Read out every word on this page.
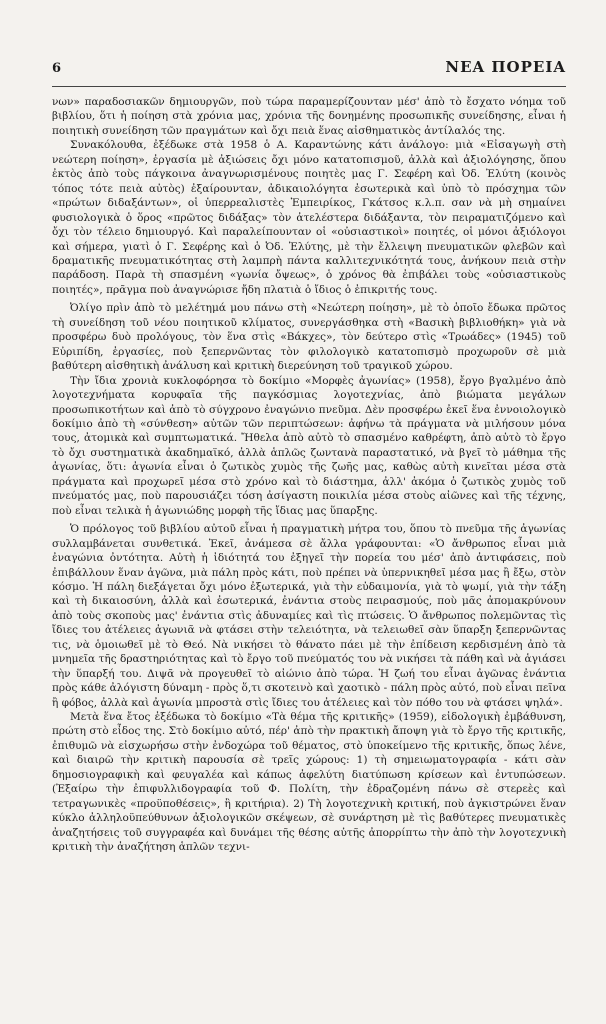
6	ΝΕΑ ΠΟΡΕΙΑ

νων» παραδοσιακῶν δημιουργῶν, ποὺ τώρα παραμερίζουνταν μέσ' ἀπὸ τὸ ἔσχατο νόημα τοῦ βιβλίου, ὅτι ἡ ποίηση στὰ χρόνια μας, χρόνια τῆς δονημένης προσωπικῆς συνείδησης, εἶναι ἡ ποιητικὴ συνείδηση τῶν πραγμάτων καὶ ὄχι πειὰ ἕνας αἰσθηματικὸς ἀντίλαλός της.

Συνακόλουθα, ἐξέδωκε στὰ 1958 ὁ Α. Καραντώνης κάτι ἀνάλογο: μιὰ «Εἰσαγωγὴ στὴ νεώτερη ποίηση», ἐργασία μὲ ἀξιώσεις ὄχι μόνο κατατοπισμοῦ, ἀλλὰ καὶ ἀξιολόγησης, ὅπου ἐκτὸς ἀπὸ τοὺς πάγκοινα ἀναγνωρισμένους ποιητὲς μας Γ. Σεφέρη καὶ Ὀδ. Ἐλύτη (κοινὸς τόπος τότε πειὰ αὐτὸς) ἐξαίρουνταν, ἀδικαιολόγητα ἐσωτερικὰ καὶ ὑπὸ τὸ πρόσχημα τῶν «πρώτων διδαξάντων», οἱ ὑπερρεαλιστὲς Ἐμπειρίκος, Γκάτσος κ.λ.π. σαν νὰ μὴ σημαίνει φυσιολογικὰ ὁ ὅρος «πρῶτος διδάξας» τὸν ἀτελέστερα διδάξαντα, τὸν πειραματιζόμενο καὶ ὄχι τὸν τέλειο δημιουργό. Καὶ παραλείπουνταν οἱ «οὐσιαστικοὶ» ποιητές, οἱ μόνοι ἀξιόλογοι καὶ σήμερα, γιατὶ ὁ Γ. Σεφέρης καὶ ὁ Ὀδ. Ἐλύτης, μὲ τὴν ἔλλειψη πνευματικῶν φλεβῶν καὶ δραματικῆς πνευματικότητας στὴ λαμπρὴ πάντα καλλιτεχνικότητά τους, ἀνήκουν πειὰ στὴν παράδοση. Παρὰ τὴ σπασμένη «γωνία ὄψεως», ὁ χρόνος θὰ ἐπιβάλει τοὺς «οὐσιαστικοὺς ποιητές», πρᾶγμα ποὺ ἀναγνώρισε ἤδη πλατιὰ ὁ ἴδιος ὁ ἐπικριτής τους.

Ὀλίγο πρὶν ἀπὸ τὸ μελέτημά μου πάνω στὴ «Νεώτερη ποίηση», μὲ τὸ ὁποῖο ἔδωκα πρῶτος τὴ συνείδηση τοῦ νέου ποιητικοῦ κλίματος, συνεργάσθηκα στὴ «Βασικὴ βιβλιοθήκη» γιὰ νὰ προσφέρω δυὸ προλόγους, τὸν ἕνα στὶς «Βάκχες», τὸν δεύτερο στὶς «Τρωάδες» (1945) τοῦ Εὐριπίδη, ἐργασίες, ποὺ ξεπερνῶντας τὸν φιλολογικὸ κατατοπισμὸ προχωροῦν σὲ μιὰ βαθύτερη αἰσθητικὴ ἀνάλυση καὶ κριτικὴ διερεύνηση τοῦ τραγικοῦ χώρου.

Τὴν ἴδια χρονιὰ κυκλοφόρησα τὸ δοκίμιο «Μορφὲς ἀγωνίας» (1958), ἔργο βγαλμένο ἀπὸ λογοτεχνήματα κορυφαῖα τῆς παγκόσμιας λογοτεχνίας, ἀπὸ βιώματα μεγάλων προσωπικοτήτων καὶ ἀπὸ τὸ σύγχρονο ἐναγώνιο πνεῦμα. Δὲν προσφέρω ἐκεῖ ἕνα ἐννοιολογικὸ δοκίμιο ἀπὸ τὴ «σύνθεση» αὐτῶν τῶν περιπτώσεων: ἀφήνω τὰ πράγματα νὰ μιλήσουν μόνα τους, ἀτομικὰ καὶ συμπτωματικά. Ἤθελα ἀπὸ αὐτὸ τὸ σπασμένο καθρέφτη, ἀπὸ αὐτὸ τὸ ἔργο τὸ ὄχι συστηματικὰ ἀκαδημαϊκό, ἀλλὰ ἁπλῶς ζωντανὰ παραστατικό, νὰ βγεῖ τὸ μάθημα τῆς ἀγωνίας, ὅτι: ἀγωνία εἶναι ὁ ζωτικὸς χυμὸς τῆς ζωῆς μας, καθὼς αὐτὴ κινεῖται μέσα στὰ πράγματα καὶ προχωρεῖ μέσα στὸ χρόνο καὶ τὸ διάστημα, ἀλλ' ἀκόμα ὁ ζωτικὸς χυμὸς τοῦ πνεύματός μας, ποὺ παρουσιάζει τόση ἀσίγαστη ποικιλία μέσα στοὺς αἰῶνες καὶ τῆς τέχνης, ποὺ εἶναι τελικὰ ἡ ἀγωνιώδης μορφὴ τῆς ἴδιας μας ὕπαρξης.

Ὁ πρόλογος τοῦ βιβλίου αὐτοῦ εἶναι ἡ πραγματικὴ μήτρα του, ὅπου τὸ πνεῦμα τῆς ἀγωνίας συλλαμβάνεται συνθετικά. Ἐκεῖ, ἀνάμεσα σὲ ἄλλα γράφουνται: «Ὁ ἄνθρωπος εἶναι μιὰ ἐναγώνια ὀντότητα. Αὐτὴ ἡ ἰδιότητά του ἐξηγεῖ τὴν πορεία του μέσ' ἀπὸ ἀντιφάσεις, ποὺ ἐπιβάλλουν ἕναν ἀγῶνα, μιὰ πάλη πρὸς κάτι, ποὺ πρέπει νὰ ὑπερνικηθεῖ μέσα μας ἢ ἔξω, στὸν κόσμο. Ἡ πάλη διεξάγεται ὄχι μόνο ἐξωτερικά, γιὰ τὴν εὐδαιμονία, γιὰ τὸ ψωμί, γιὰ τὴν τάξη καὶ τὴ δικαιοσύνη, ἀλλὰ καὶ ἐσωτερικά, ἐνάντια στοὺς πειρασμούς, ποὺ μᾶς ἀπομακρύνουν ἀπὸ τοὺς σκοποὺς μας' ἐνάντια στὶς ἀδυναμίες καὶ τὶς πτώσεις. Ὁ ἄνθρωπος πολεμῶντας τὶς ἴδιες του ἀτέλειες ἀγωνιᾶ νὰ φτάσει στὴν τελειότητα, νὰ τελειωθεῖ σὰν ὕπαρξη ξεπερνῶντας τις, νὰ ὁμοιωθεῖ μὲ τὸ Θεό. Νὰ νικήσει τὸ θάνατο πάει μὲ τὴν ἐπίδειση κερδισμένη ἀπὸ τὰ μνημεῖα τῆς δραστηριότητας καὶ τὸ ἔργο τοῦ πνεύματός του νὰ νικήσει τὰ πάθη καὶ νὰ ἁγιάσει τὴν ὕπαρξή του. Διψᾶ νὰ προγευθεῖ τὸ αἰώνιο ἀπὸ τώρα. Ἡ ζωή του εἶναι ἀγῶνας ἐνάντια πρὸς κάθε ἀλόγιστη δύναμη - πρὸς ὅ,τι σκοτεινὸ καὶ χαοτικὸ - πάλη πρὸς αὐτό, ποὺ εἶναι πεῖνα ἢ φόβος, ἀλλὰ καὶ ἀγωνία μπροστὰ στὶς ἴδιες του ἀτέλειες καὶ τὸν πόθο του νὰ φτάσει ψηλά».

Μετὰ ἕνα ἔτος ἐξέδωκα τὸ δοκίμιο «Τὰ θέμα τῆς κριτικῆς» (1959), εἰδολογικὴ ἐμβάθυνση, πρώτη στὸ εἶδος της. Στὸ δοκίμιο αὐτό, πέρ' ἀπὸ τὴν πρακτικὴ ἄποψη γιὰ τὸ ἔργο τῆς κριτικῆς, ἐπιθυμῶ νὰ εἰσχωρήσω στὴν ἐνδοχώρα τοῦ θέματος, στὸ ὑποκείμενο τῆς κριτικῆς, ὅπως λένε, καὶ διαιρῶ τὴν κριτικὴ παρουσία σὲ τρεῖς χώρους: 1) τὴ σημειωματογραφία - κάτι σὰν δημοσιογραφικὴ καὶ φευγαλέα καὶ κάπως ἀφελύτη διατύπωση κρίσεων καὶ ἐντυπώσεων. (Ἐξαίρω τὴν ἐπιφυλλιδογραφία τοῦ Φ. Πολίτη, τὴν ἑδραζομένη πάνω σὲ στερεὲς καὶ τετραγωνικὲς «προϋποθέσεις», ἢ κριτήρια). 2) Τὴ λογοτεχνικὴ κριτική, ποὺ ἀγκιστρώνει ἕναν κύκλο ἀλληλοϋπεύθυνων ἀξιολογικῶν σκέψεων, σὲ συνάρτηση μὲ τὶς βαθύτερες πνευματικὲς ἀναζητήσεις τοῦ συγγραφέα καὶ δυνάμει τῆς θέσης αὐτῆς ἀπορρίπτω τὴν ἀπὸ τὴν λογοτεχνικὴ κριτικὴ τὴν ἀναζήτηση ἁπλῶν τεχνι-
